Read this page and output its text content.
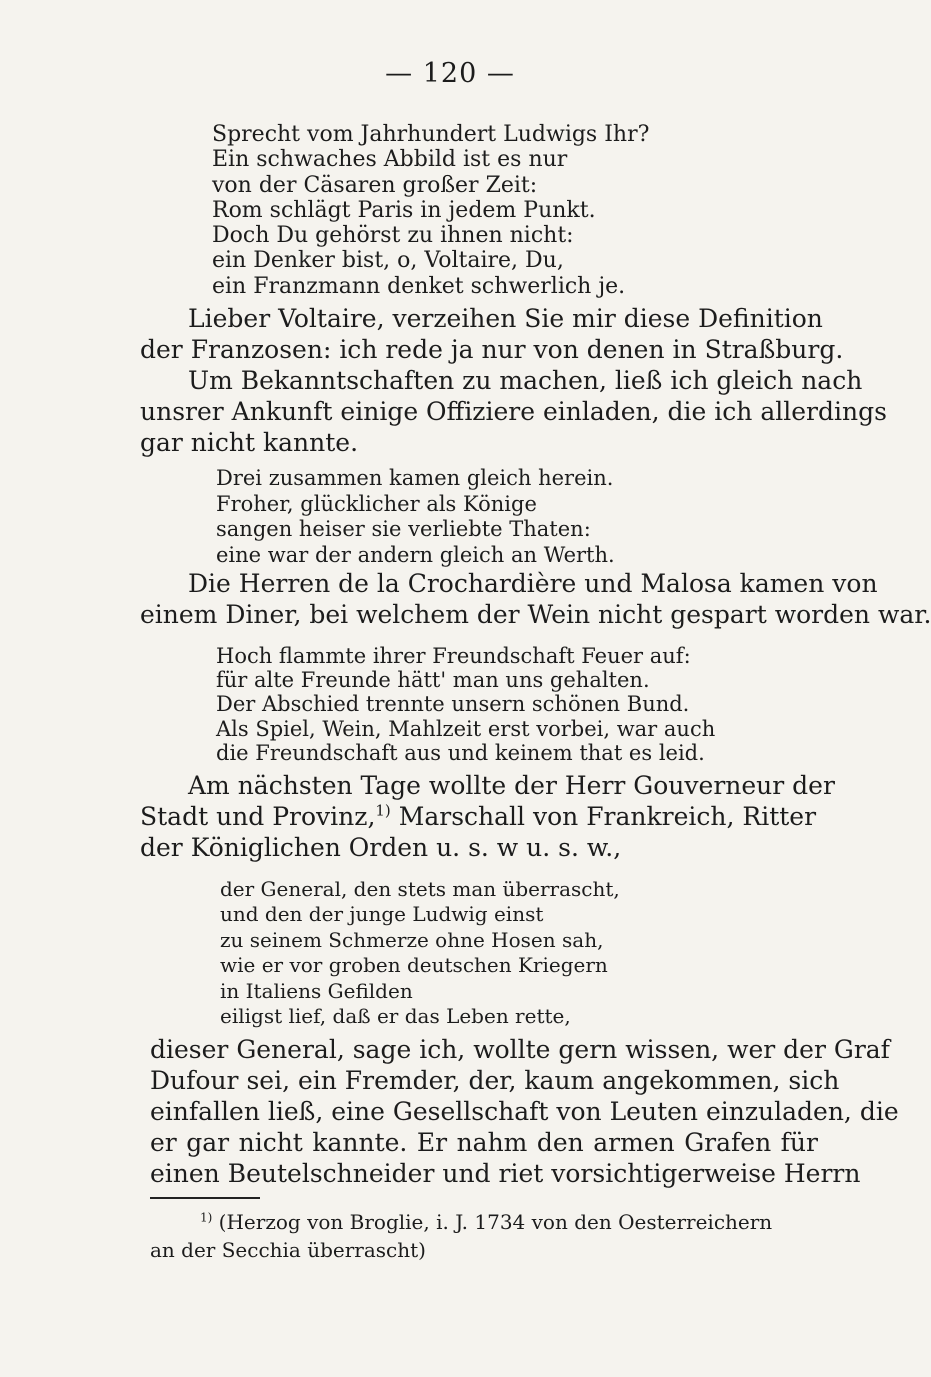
— 120 —
Sprecht vom Jahrhundert Ludwigs Ihr?
Ein schwaches Abbild ist es nur
von der Cäsaren großer Zeit:
Rom schlägt Paris in jedem Punkt.
Doch Du gehörst zu ihnen nicht:
ein Denker bist, o, Voltaire, Du,
ein Franzmann denket schwerlich je.
Lieber Voltaire, verzeihen Sie mir diese Definition
der Franzosen: ich rede ja nur von denen in Straßburg.
Um Bekanntschaften zu machen, ließ ich gleich nach
unsrer Ankunft einige Offiziere einladen, die ich allerdings
gar nicht kannte.
Drei zusammen kamen gleich herein.
Froher, glücklicher als Könige
sangen heiser sie verliebte Thaten:
eine war der andern gleich an Werth.
Die Herren de la Crochardière und Malosa kamen von
einem Diner, bei welchem der Wein nicht gespart worden war.
Hoch flammte ihrer Freundschaft Feuer auf:
für alte Freunde hätt' man uns gehalten.
Der Abschied trennte unsern schönen Bund.
Als Spiel, Wein, Mahlzeit erst vorbei, war auch
die Freundschaft aus und keinem that es leid.
Am nächsten Tage wollte der Herr Gouverneur der
Stadt und Provinz,$^{1)}$ Marschall von Frankreich, Ritter
der Königlichen Orden u. s. w u. s. w.,
der General, den stets man überrascht,
und den der junge Ludwig einst
zu seinem Schmerze ohne Hosen sah,
wie er vor groben deutschen Kriegern
in Italiens Gefilden
eiligst lief, daß er das Leben rette,
dieser General, sage ich, wollte gern wissen, wer der Graf
Dufour sei, ein Fremder, der, kaum angekommen, sich
einfallen ließ, eine Gesellschaft von Leuten einzuladen, die
er gar nicht kannte. Er nahm den armen Grafen für
einen Beutelschneider und riet vorsichtigerweise Herrn
$^{1)}$ (Herzog von Broglie, i. J. 1734 von den Oesterreichern
an der Secchia überrascht)
